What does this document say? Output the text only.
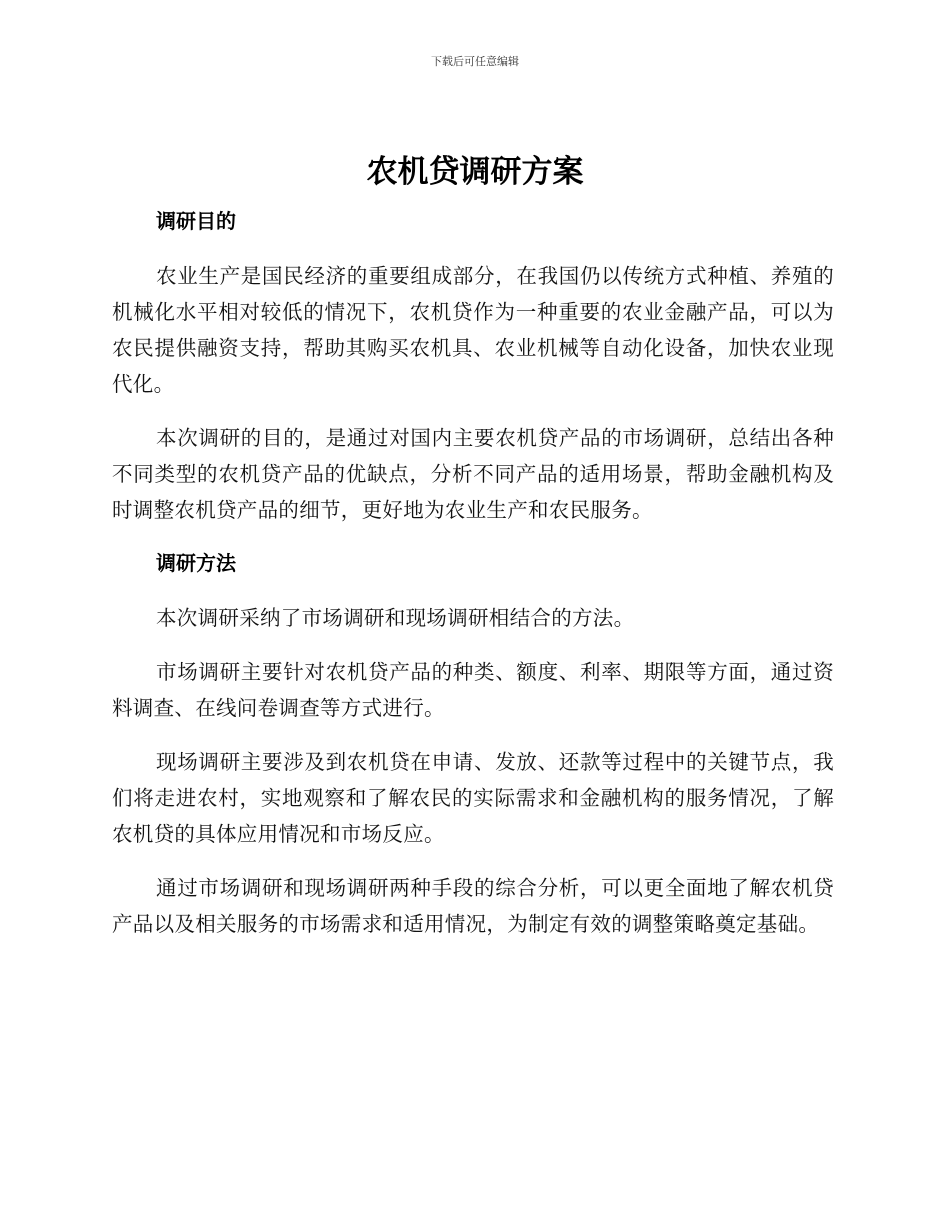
下载后可任意编辑
农机贷调研方案
调研目的

农业生产是国民经济的重要组成部分，在我国仍以传统方式种植、养殖的机械化水平相对较低的情况下，农机贷作为一种重要的农业金融产品，可以为农民提供融资支持，帮助其购买农机具、农业机械等自动化设备，加快农业现代化。

本次调研的目的，是通过对国内主要农机贷产品的市场调研，总结出各种不同类型的农机贷产品的优缺点，分析不同产品的适用场景，帮助金融机构及时调整农机贷产品的细节，更好地为农业生产和农民服务。

调研方法

本次调研采纳了市场调研和现场调研相结合的方法。

市场调研主要针对农机贷产品的种类、额度、利率、期限等方面，通过资料调查、在线问卷调查等方式进行。

现场调研主要涉及到农机贷在申请、发放、还款等过程中的关键节点，我们将走进农村，实地观察和了解农民的实际需求和金融机构的服务情况，了解农机贷的具体应用情况和市场反应。

通过市场调研和现场调研两种手段的综合分析，可以更全面地了解农机贷产品以及相关服务的市场需求和适用情况，为制定有效的调整策略奠定基础。
